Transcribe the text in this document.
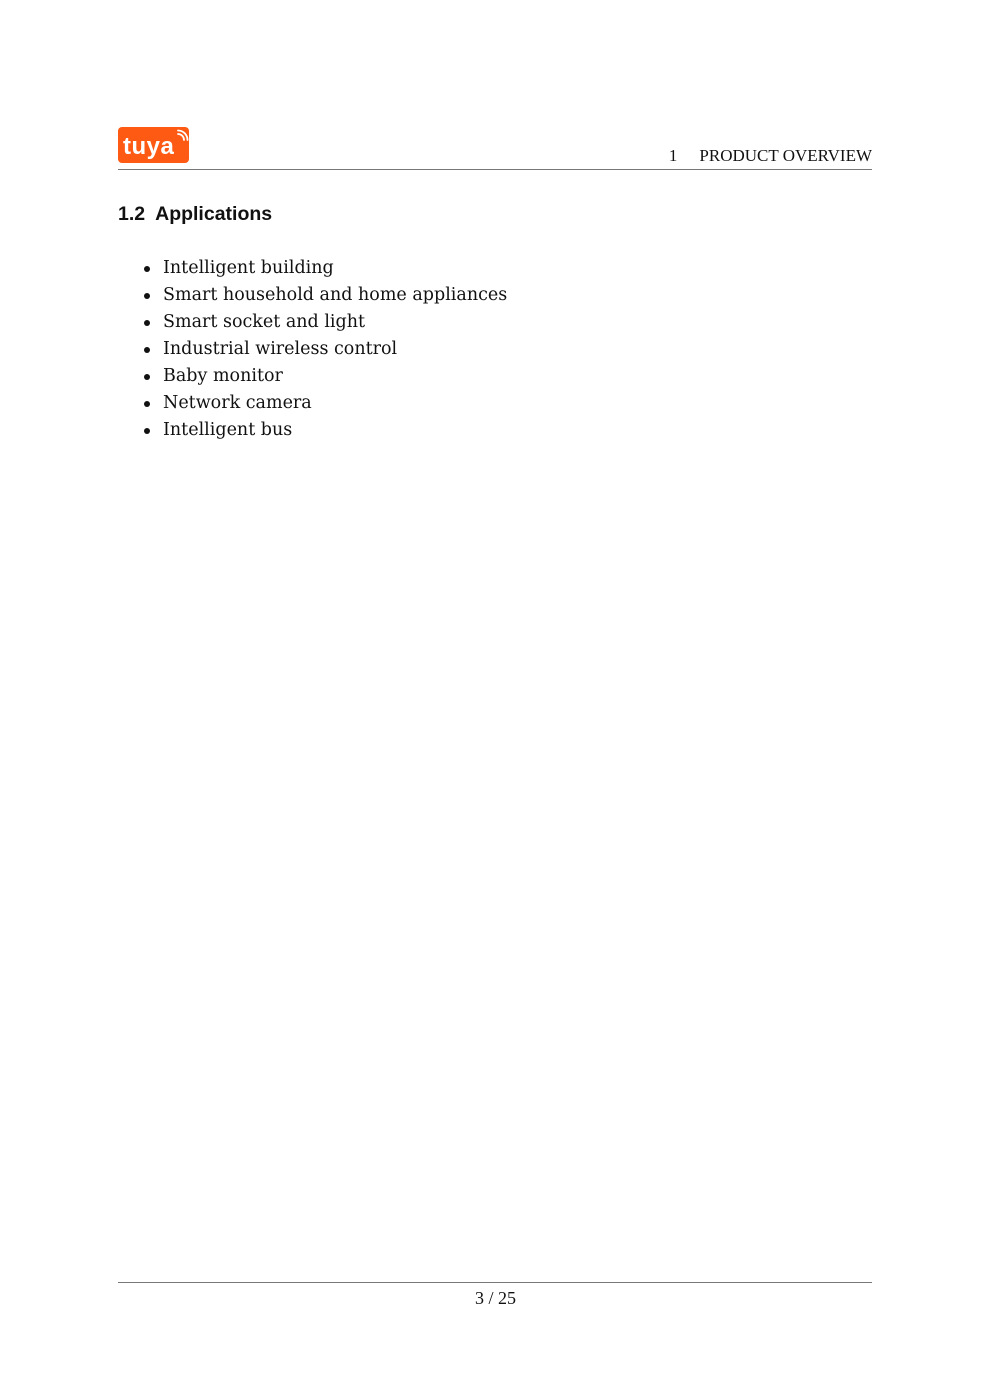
tuya	1 PRODUCT OVERVIEW
1.2 Applications
Intelligent building
Smart household and home appliances
Smart socket and light
Industrial wireless control
Baby monitor
Network camera
Intelligent bus
3 / 25
